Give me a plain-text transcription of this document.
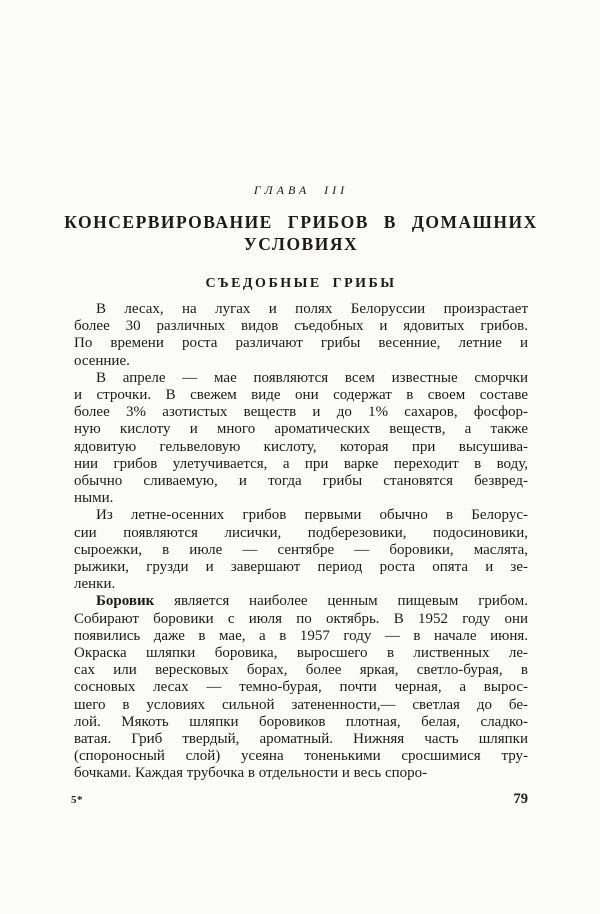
ГЛАВА III
КОНСЕРВИРОВАНИЕ ГРИБОВ В ДОМАШНИХ
УСЛОВИЯХ
СЪЕДОБНЫЕ ГРИБЫ

В лесах, на лугах и полях Белоруссии произрастает
более 30 различных видов съедобных и ядовитых грибов.
По времени роста различают грибы весенние, летние и
осенние.

В апреле — мае появляются всем известные сморчки
и строчки. В свежем виде они содержат в своем составе
более 3% азотистых веществ и до 1% сахаров, фосфор-
ную кислоту и много ароматических веществ, а также
ядовитую гельвеловую кислоту, которая при высушива-
нии грибов улетучивается, а при варке переходит в воду,
обычно сливаемую, и тогда грибы становятся безвред-
ными.

Из летне-осенних грибов первыми обычно в Белорус-
сии появляются лисички, подберезовики, подосиновики,
сыроежки, в июле — сентябре — боровики, маслята,
рыжики, грузди и завершают период роста опята и зе-
ленки.

Боровик является наиболее ценным пищевым грибом.
Собирают боровики с июля по октябрь. В 1952 году они
появились даже в мае, а в 1957 году — в начале июня.
Окраска шляпки боровика, выросшего в лиственных ле-
сах или вересковых борах, более яркая, светло-бурая, в
сосновых лесах — темно-бурая, почти черная, а вырос-
шего в условиях сильной затененности,— светлая до бе-
лой. Мякоть шляпки боровиков плотная, белая, сладко-
ватая. Гриб твердый, ароматный. Нижняя часть шляпки
(спороносный слой) усеяна тоненькими сросшимися тру-
бочками. Каждая трубочка в отдельности и весь споро-

5*	79
